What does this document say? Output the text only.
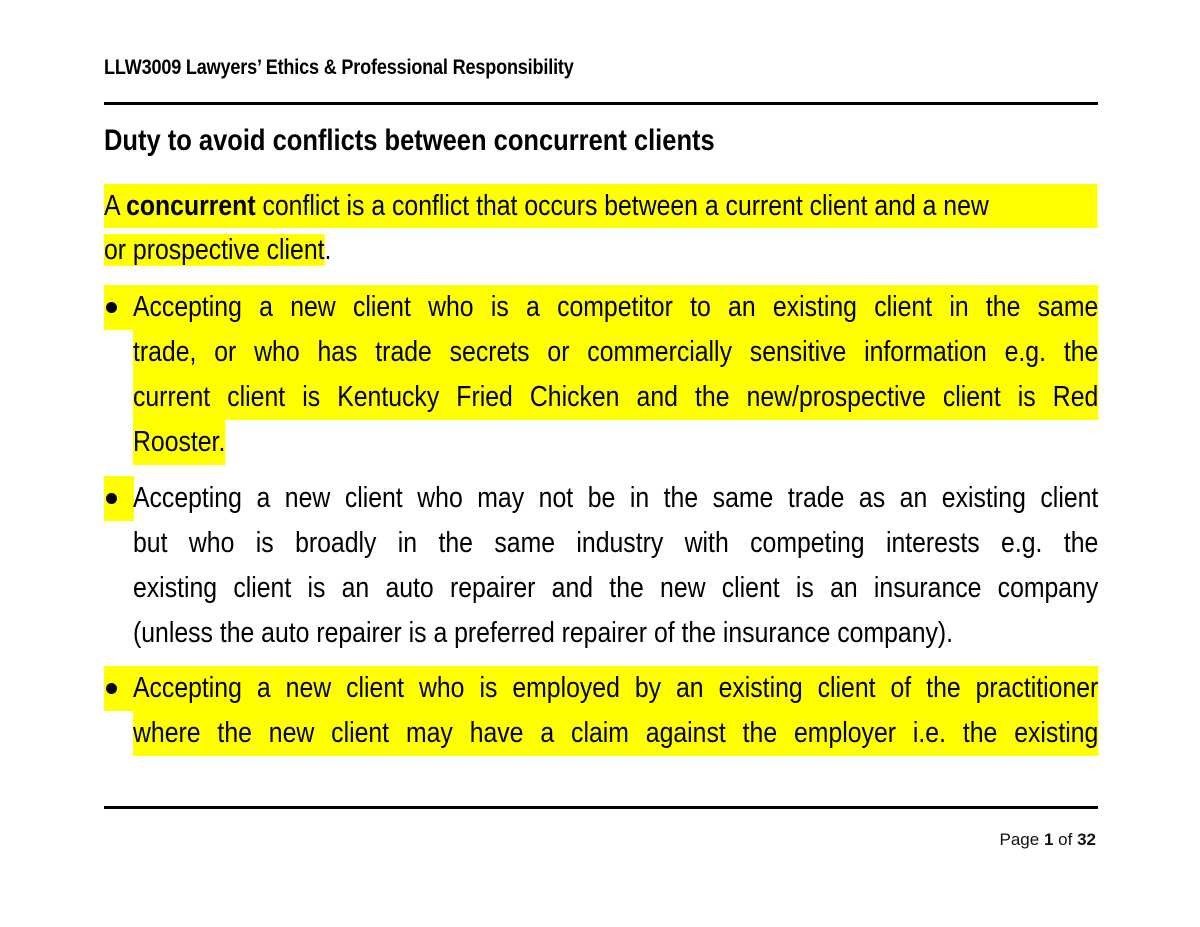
LLW3009 Lawyers’ Ethics & Professional Responsibility
Duty to avoid conflicts between concurrent clients
A concurrent conflict is a conflict that occurs between a current client and a new
or prospective client.
Accepting a new client who is a competitor to an existing client in the same
trade, or who has trade secrets or commercially sensitive information e.g. the
current client is Kentucky Fried Chicken and the new/prospective client is Red
Rooster.
Accepting a new client who may not be in the same trade as an existing client
but who is broadly in the same industry with competing interests e.g. the
existing client is an auto repairer and the new client is an insurance company
(unless the auto repairer is a preferred repairer of the insurance company).
Accepting a new client who is employed by an existing client of the practitioner
where the new client may have a claim against the employer i.e. the existing
Page 1 of 32
